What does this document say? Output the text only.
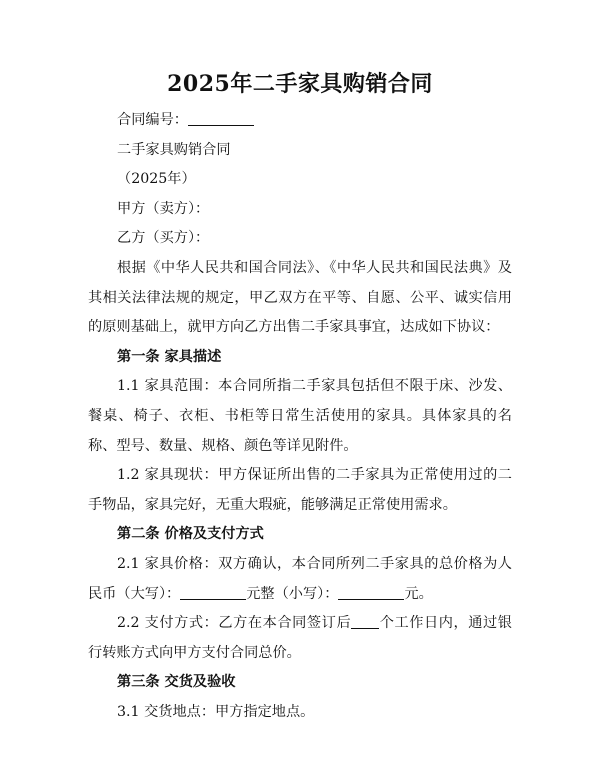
2025年二手家具购销合同

合同编号：

二手家具购销合同

（2025年）

甲方（卖方）：

乙方（买方）：

根据《中华人民共和国合同法》、《中华人民共和国民法典》及其相关法律法规的规定，甲乙双方在平等、自愿、公平、诚实信用的原则基础上，就甲方向乙方出售二手家具事宜，达成如下协议：

第一条 家具描述

1.1 家具范围：本合同所指二手家具包括但不限于床、沙发、餐桌、椅子、衣柜、书柜等日常生活使用的家具。具体家具的名称、型号、数量、规格、颜色等详见附件。

1.2 家具现状：甲方保证所出售的二手家具为正常使用过的二手物品，家具完好，无重大瑕疵，能够满足正常使用需求。

第二条 价格及支付方式

2.1 家具价格：双方确认，本合同所列二手家具的总价格为人民币（大写）：	元整（小写）：	元。

2.2 支付方式：乙方在本合同签订后 个工作日内，通过银行转账方式向甲方支付合同总价。

第三条 交货及验收

3.1 交货地点：甲方指定地点。
